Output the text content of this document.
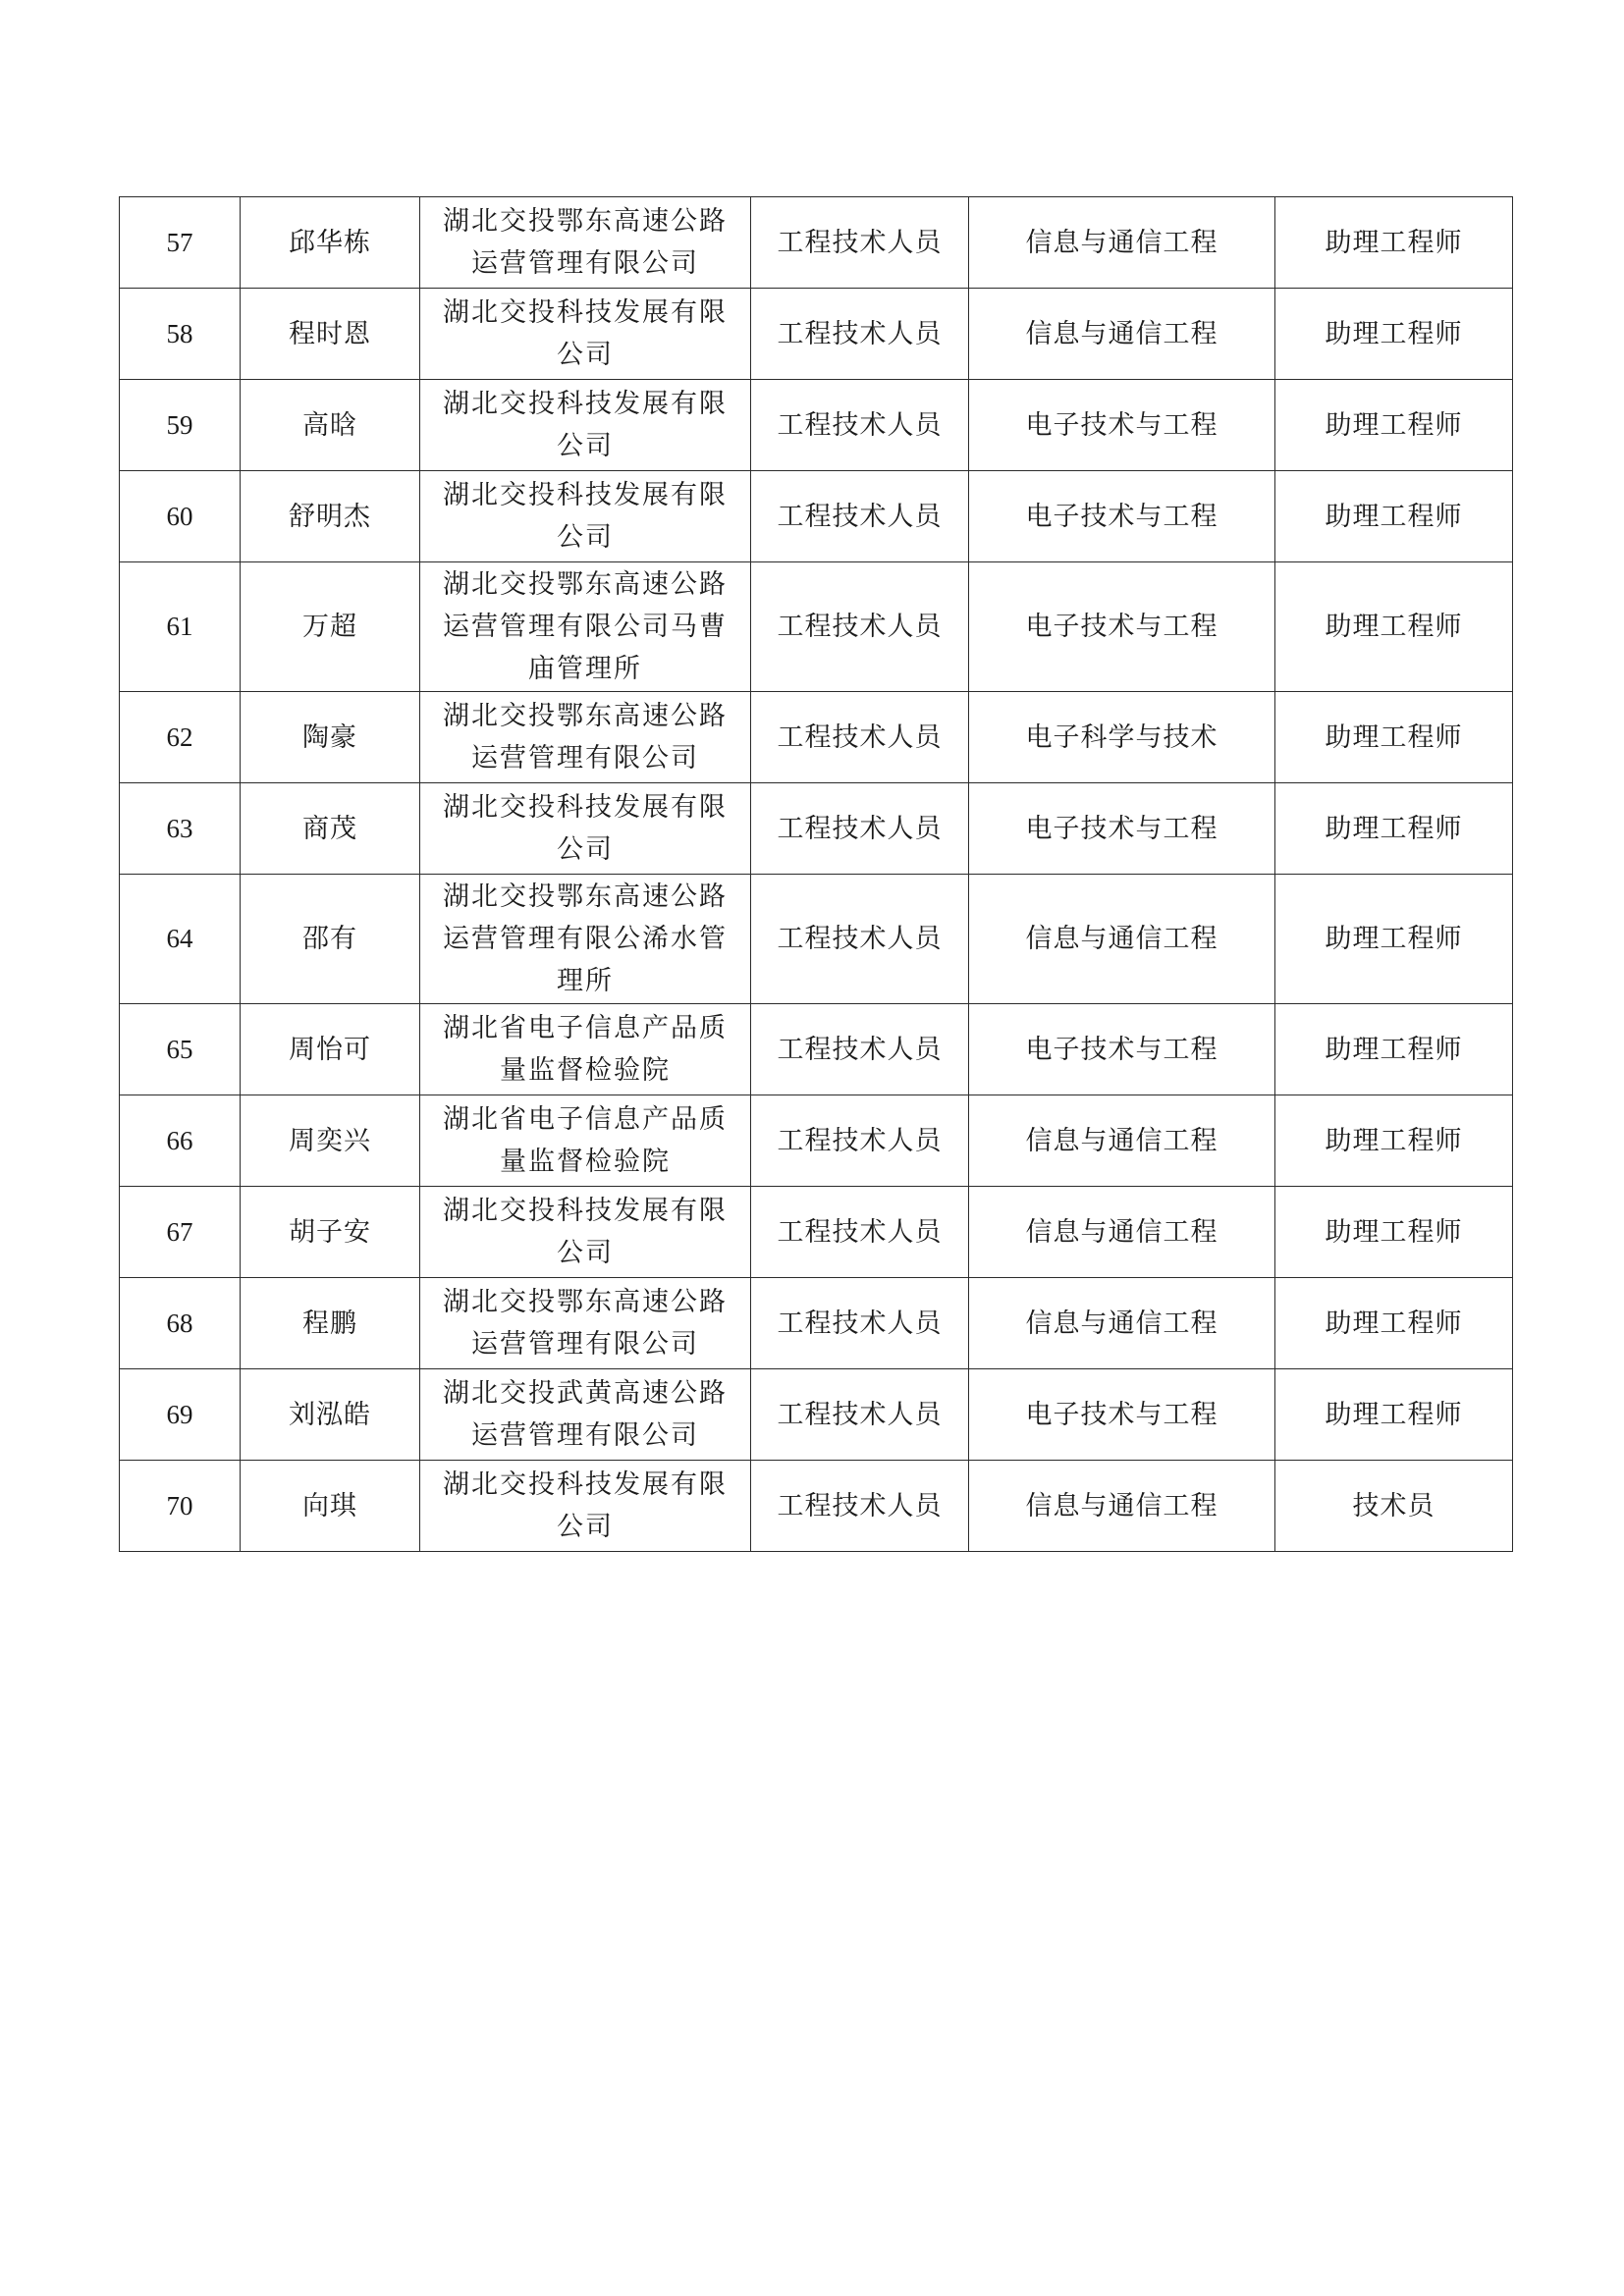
57	邱华栋	湖北交投鄂东高速公路运营管理有限公司	工程技术人员	信息与通信工程	助理工程师
58	程时恩	湖北交投科技发展有限公司	工程技术人员	信息与通信工程	助理工程师
59	高晗	湖北交投科技发展有限公司	工程技术人员	电子技术与工程	助理工程师
60	舒明杰	湖北交投科技发展有限公司	工程技术人员	电子技术与工程	助理工程师
61	万超	湖北交投鄂东高速公路运营管理有限公司马曹庙管理所	工程技术人员	电子技术与工程	助理工程师
62	陶豪	湖北交投鄂东高速公路运营管理有限公司	工程技术人员	电子科学与技术	助理工程师
63	商茂	湖北交投科技发展有限公司	工程技术人员	电子技术与工程	助理工程师
64	邵有	湖北交投鄂东高速公路运营管理有限公浠水管理所	工程技术人员	信息与通信工程	助理工程师
65	周怡可	湖北省电子信息产品质量监督检验院	工程技术人员	电子技术与工程	助理工程师
66	周奕兴	湖北省电子信息产品质量监督检验院	工程技术人员	信息与通信工程	助理工程师
67	胡子安	湖北交投科技发展有限公司	工程技术人员	信息与通信工程	助理工程师
68	程鹏	湖北交投鄂东高速公路运营管理有限公司	工程技术人员	信息与通信工程	助理工程师
69	刘泓皓	湖北交投武黄高速公路运营管理有限公司	工程技术人员	电子技术与工程	助理工程师
70	向琪	湖北交投科技发展有限公司	工程技术人员	信息与通信工程	技术员
